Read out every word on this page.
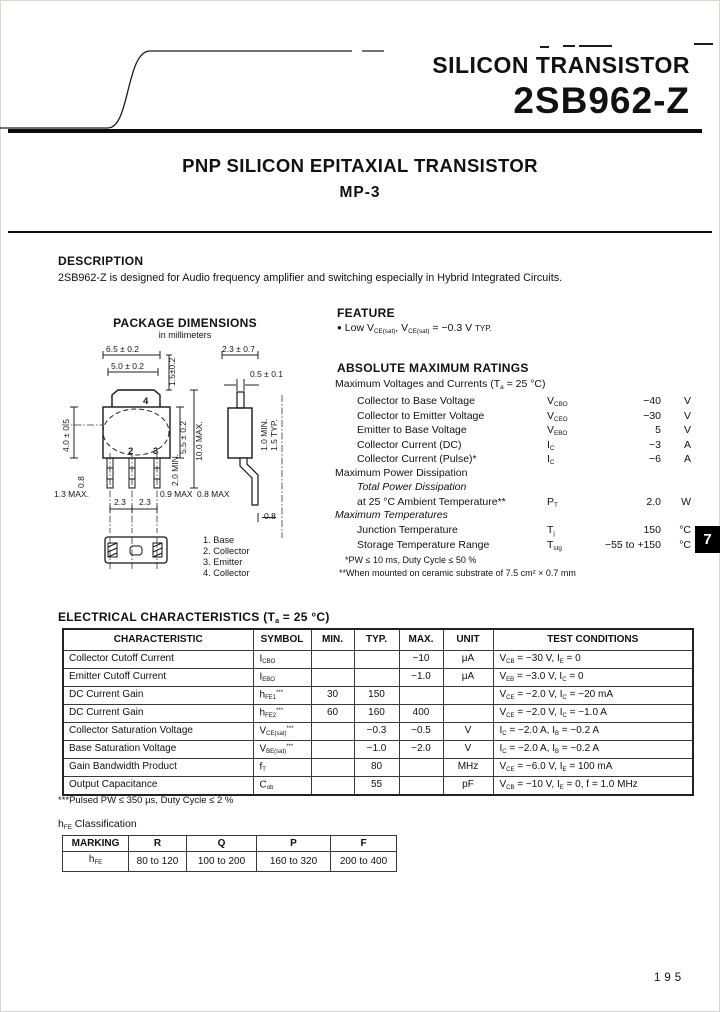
SILICON TRANSISTOR
2SB962-Z
PNP SILICON EPITAXIAL TRANSISTOR
MP-3
DESCRIPTION
2SB962-Z is designed for Audio frequency amplifier and switching especially in Hybrid Integrated Circuits.
PACKAGE DIMENSIONS
in millimeters
6.5 ± 0.2
5.0 ± 0.2	1.5±0.2
4
2 3
4.0 ± 0.5
0.8
1.3 MAX.	0.9 MAX 0.8 MAX
5.5 ± 0.2 10.0 MAX.
2.0 MIN.
2.3 2.3
1. Base
2. Collector
3. Emitter
4. Collector
2.3 ± 0.7
0.5 ± 0.1
1.0 MIN. 1.5 TYP.
0.8
FEATURE
● Low $V_{CE(sat)}$, $V_{CE(sat)} = -0.3$ V TYP.
ABSOLUTE MAXIMUM RATINGS
Maximum Voltages and Currents ($T_a = 25$ °C)
Collector to Base Voltage	$V_{CBO}$	−40	V
Collector to Emitter Voltage	$V_{CEO}$	−30	V
Emitter to Base Voltage	$V_{EBO}$	5	V
Collector Current (DC)	$I_C$	−3	A
Collector Current (Pulse)*	$I_C$	−6	A
Maximum Power Dissipation
Total Power Dissipation
at 25 °C Ambient Temperature**	$P_T$	2.0	W
Maximum Temperatures
Junction Temperature	$T_j$	150	°C
Storage Temperature Range	$T_{stg}$	−55 to +150	°C
*PW ≤ 10 ms, Duty Cycle ≤ 50 %
**When mounted on ceramic substrate of 7.5 cm² × 0.7 mm
7
ELECTRICAL CHARACTERISTICS ($T_a = 25$ °C)
CHARACTERISTIC	SYMBOL	MIN.	TYP.	MAX.	UNIT	TEST CONDITIONS
Collector Cutoff Current	$I_{CBO}$			−10	μA	$V_{CB} = -30$ V, $I_E = 0$
Emitter Cutoff Current	$I_{EBO}$			−1.0	μA	$V_{EB} = -3.0$ V, $I_C = 0$
DC Current Gain	$h_{FE1}^{***}$	30	150			$V_{CE} = -2.0$ V, $I_C = -20$ mA
DC Current Gain	$h_{FE2}^{***}$	60	160	400		$V_{CE} = -2.0$ V, $I_C = -1.0$ A
Collector Saturation Voltage	$V_{CE(sat)}^{***}$		−0.3	−0.5	V	$I_C = -2.0$ A, $I_B = -0.2$ A
Base Saturation Voltage	$V_{BE(sat)}^{***}$		−1.0	−2.0	V	$I_C = -2.0$ A, $I_B = -0.2$ A
Gain Bandwidth Product	$f_T$		80		MHz	$V_{CE} = -6.0$ V, $I_E = 100$ mA
Output Capacitance	$C_{ob}$		55		pF	$V_{CB} = -10$ V, $I_E = 0$, f = 1.0 MHz
***Pulsed PW ≤ 350 μs, Duty Cycle ≤ 2 %
$h_{FE}$ Classification
MARKING	R	Q	P	F
$h_{FE}$	80 to 120	100 to 200	160 to 320	200 to 400
195
